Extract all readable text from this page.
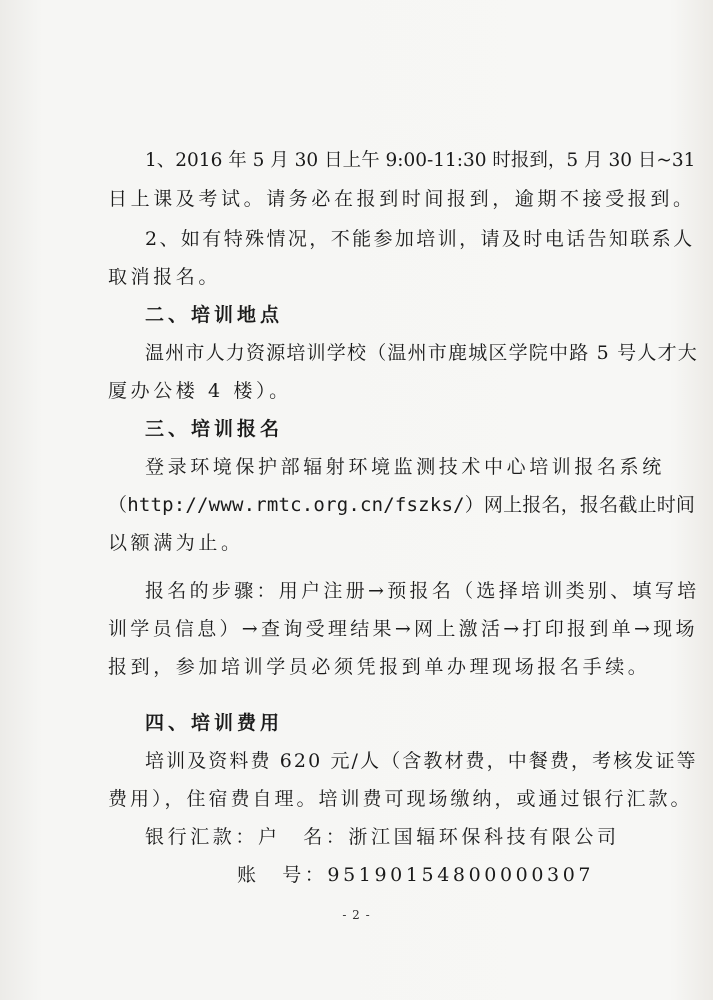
1、2016 年 5 月 30 日上午 9:00-11:30 时报到，5 月 30 日~31
日上课及考试。请务必在报到时间报到，逾期不接受报到。
2、如有特殊情况，不能参加培训，请及时电话告知联系人
取消报名。
二、培训地点
温州市人力资源培训学校（温州市鹿城区学院中路 5 号人才大
厦办公楼 4 楼）。
三、培训报名
登录环境保护部辐射环境监测技术中心培训报名系统
（http://www.rmtc.org.cn/fszks/）网上报名，报名截止时间
以额满为止。
报名的步骤：用户注册→预报名（选择培训类别、填写培
训学员信息）→查询受理结果→网上激活→打印报到单→现场
报到，参加培训学员必须凭报到单办理现场报名手续。
四、培训费用
培训及资料费 620 元/人（含教材费，中餐费，考核发证等
费用），住宿费自理。培训费可现场缴纳，或通过银行汇款。
银行汇款：户　名：浙江国辐环保科技有限公司
账　号：95190154800000307
- 2 -
